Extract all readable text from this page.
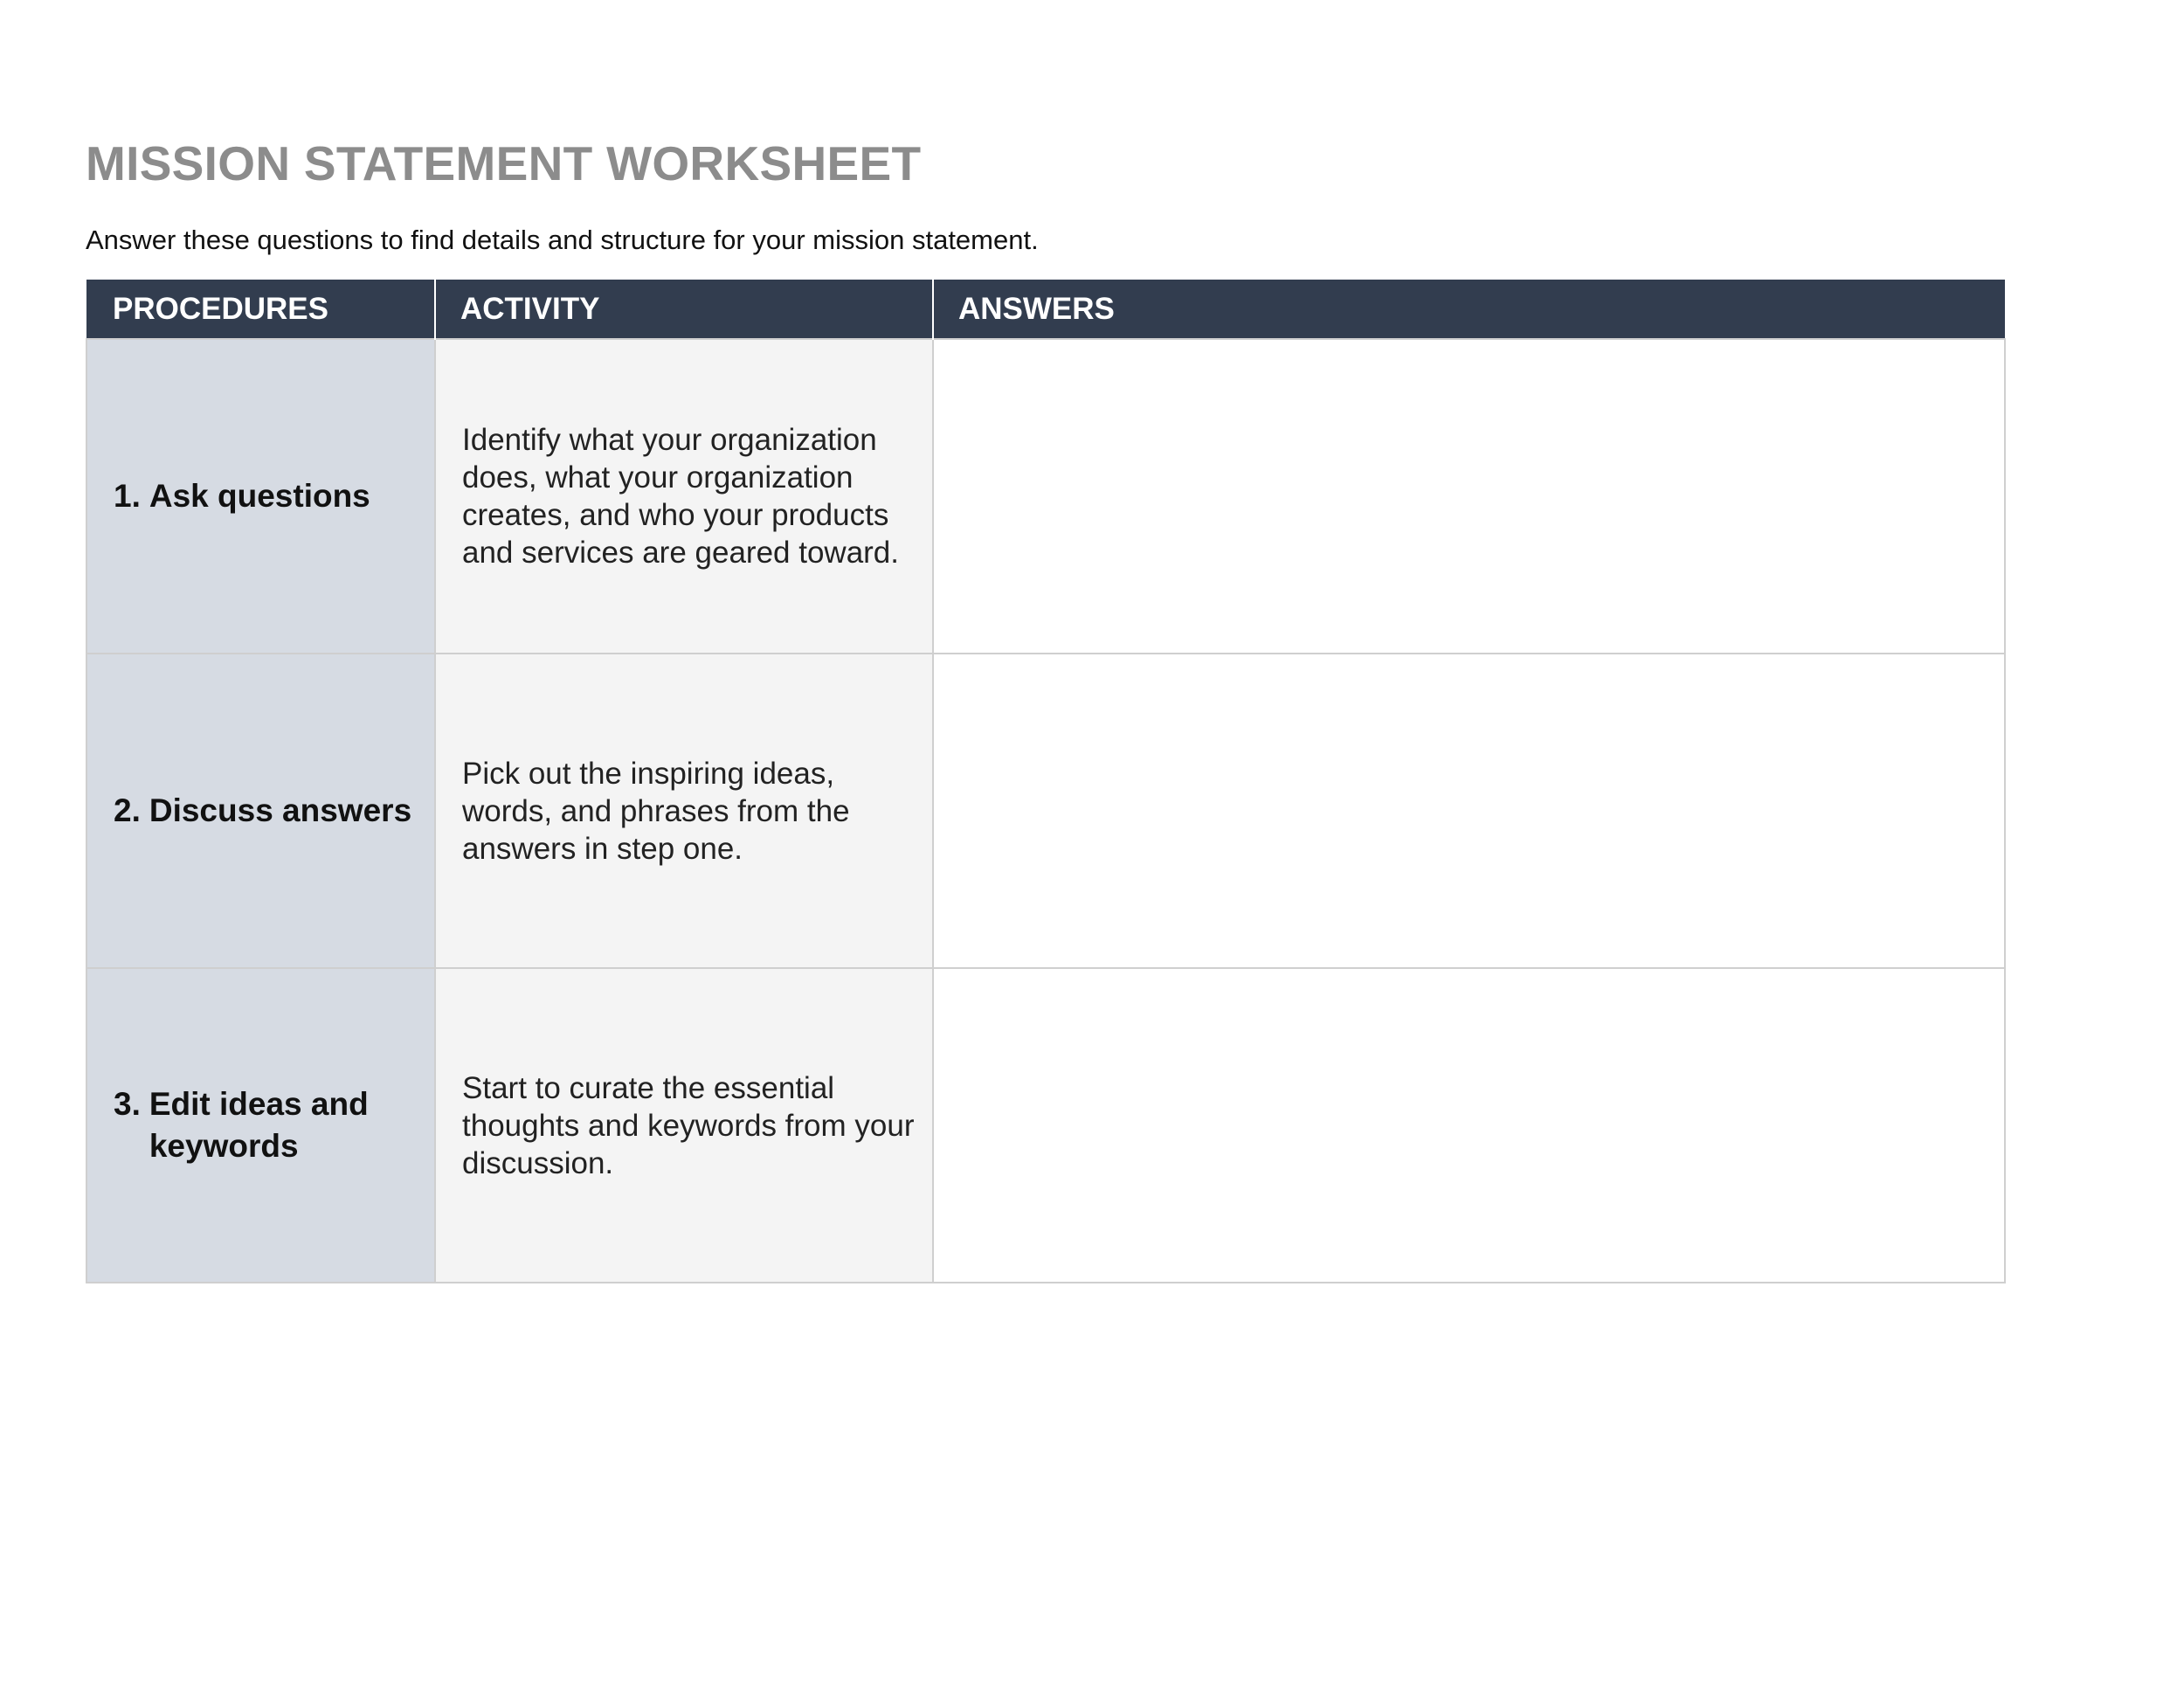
MISSION STATEMENT WORKSHEET

Answer these questions to find details and structure for your mission statement.

PROCEDURES	ACTIVITY	ANSWERS

1. Ask questions	Identify what your organization does, what your organization creates, and who your products and services are geared toward.	

2. Discuss answers	Pick out the inspiring ideas, words, and phrases from the answers in step one.	

3. Edit ideas and keywords	Start to curate the essential thoughts and keywords from your discussion.	
